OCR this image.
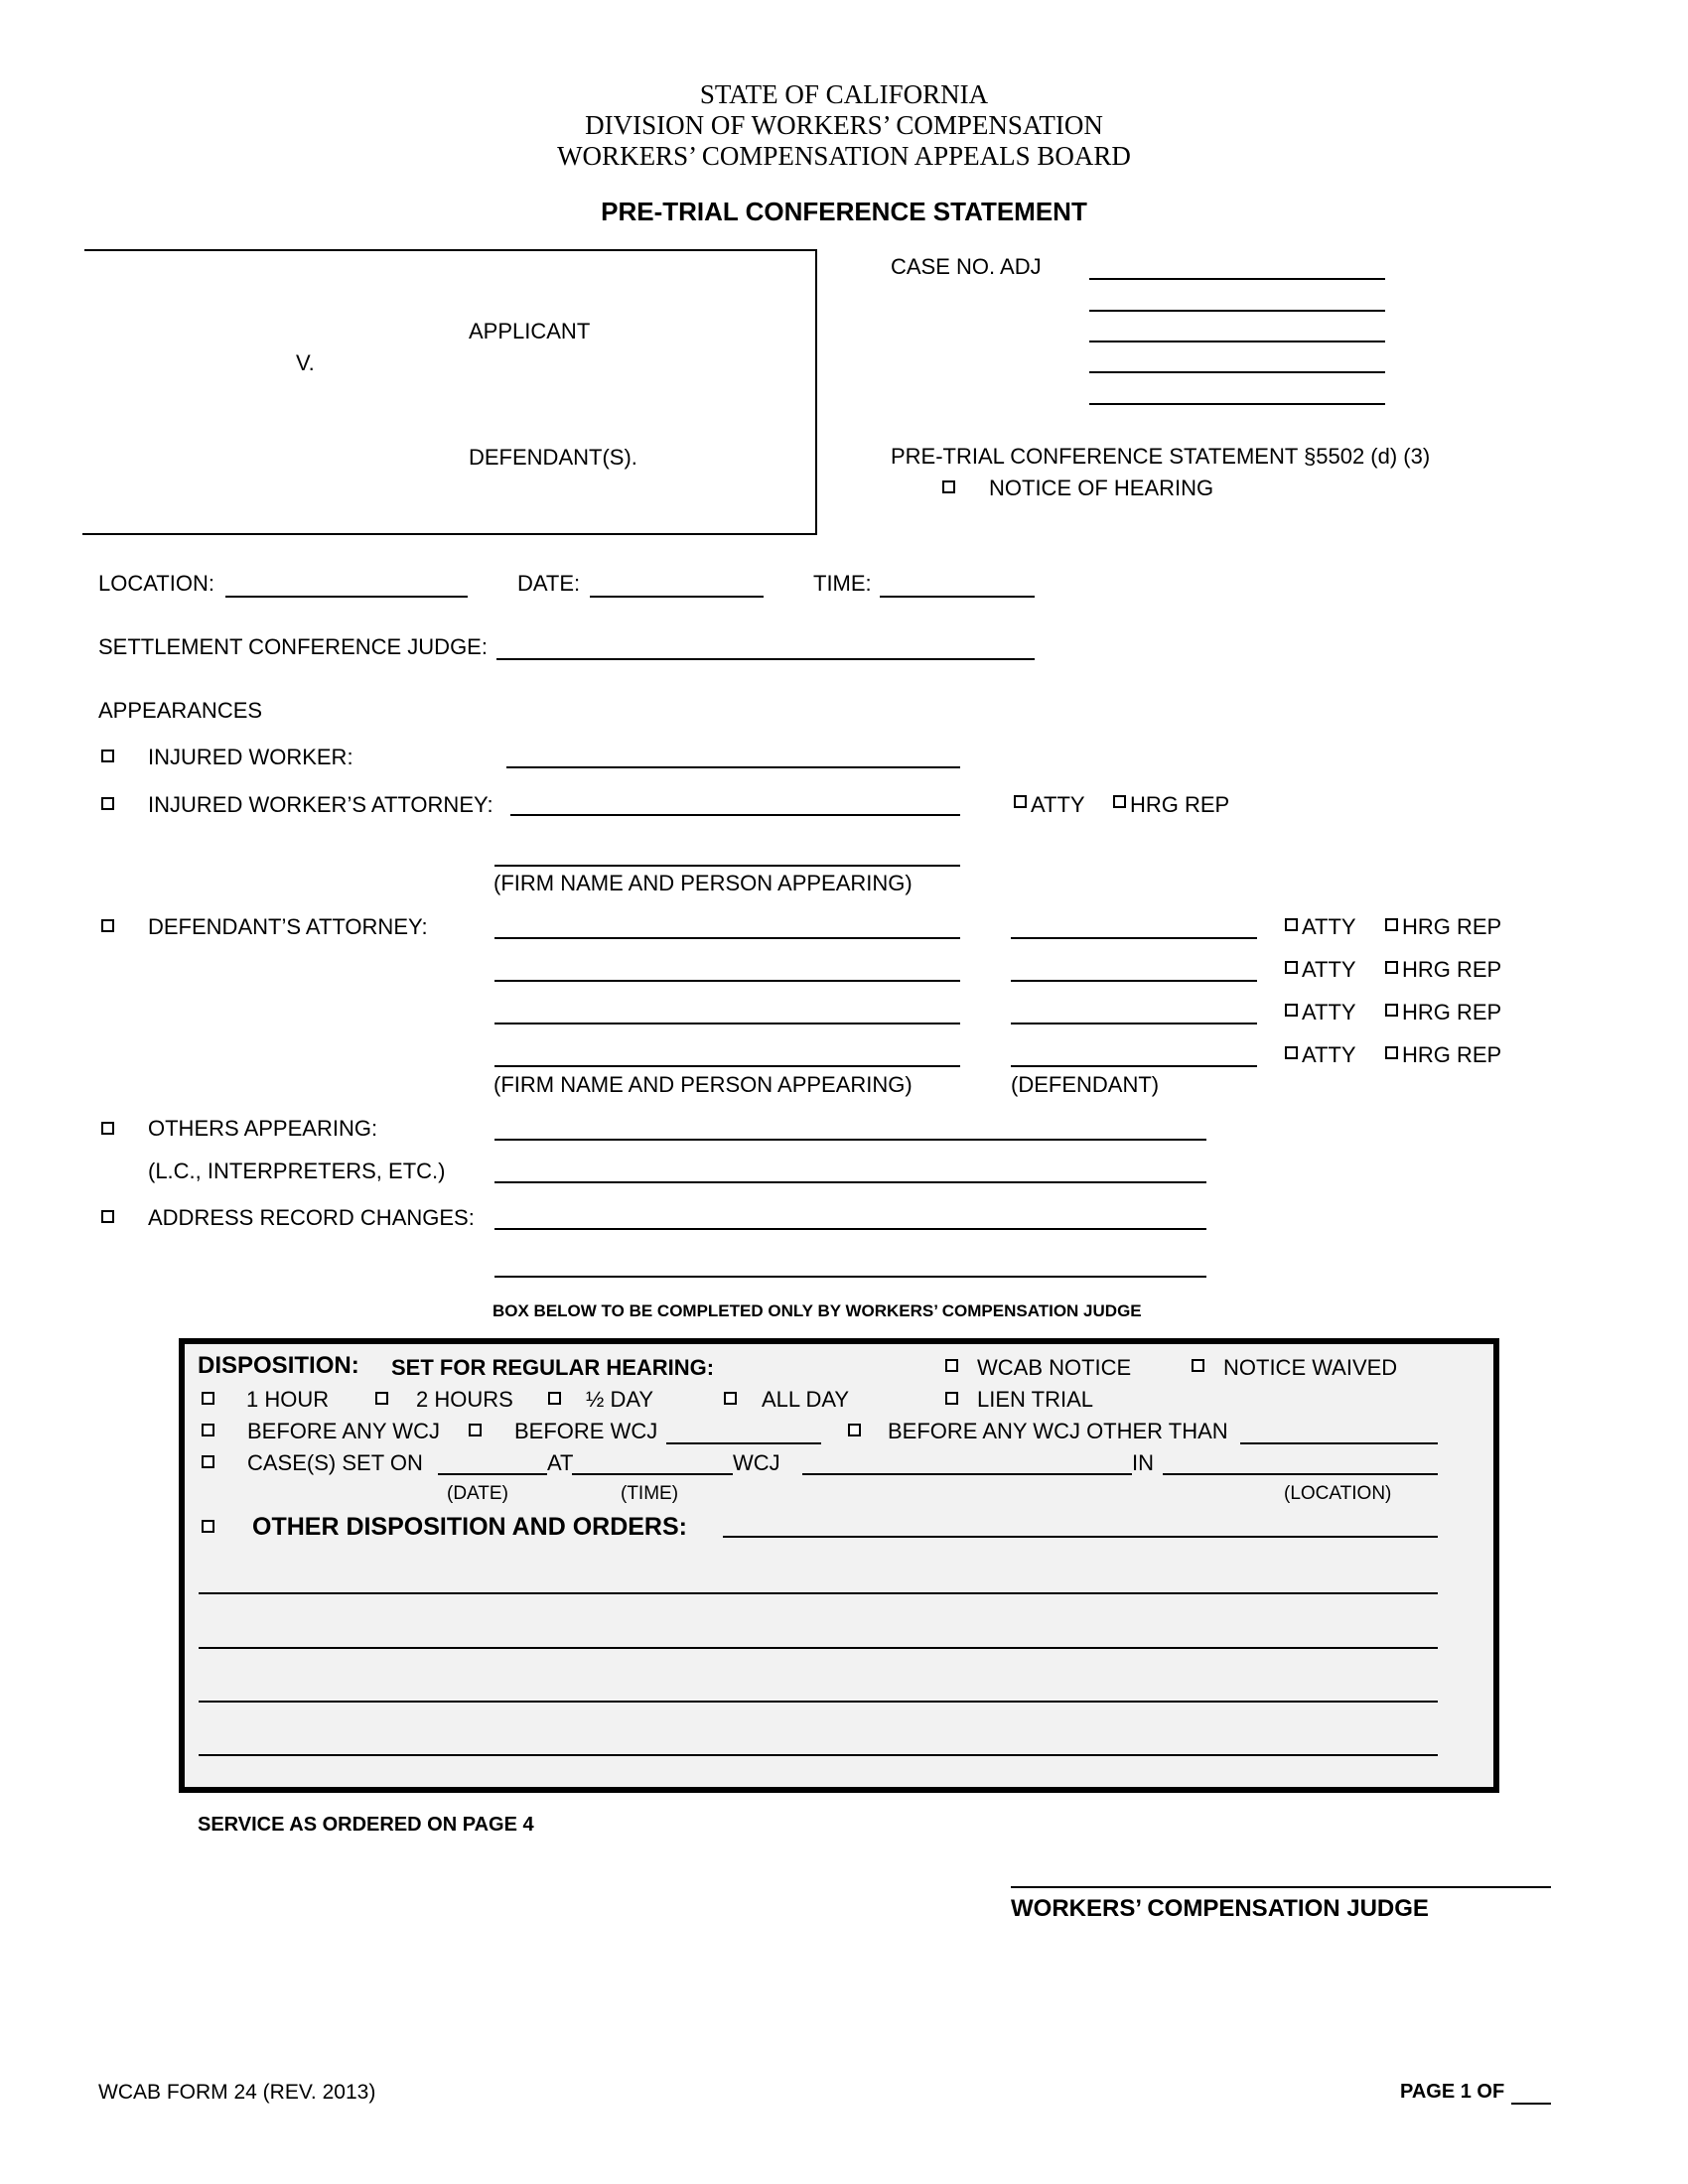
STATE OF CALIFORNIA
DIVISION OF WORKERS’ COMPENSATION
WORKERS’ COMPENSATION APPEALS BOARD
PRE-TRIAL CONFERENCE STATEMENT
APPLICANT
V.
DEFENDANT(S).
CASE NO. ADJ
PRE-TRIAL CONFERENCE STATEMENT §5502 (d) (3)
NOTICE OF HEARING
LOCATION:	DATE:	TIME:
SETTLEMENT CONFERENCE JUDGE:
APPEARANCES
INJURED WORKER:
INJURED WORKER’S ATTORNEY:	ATTY HRG REP
(FIRM NAME AND PERSON APPEARING)
DEFENDANT’S ATTORNEY:	ATTY HRG REP
ATTY HRG REP
ATTY HRG REP
ATTY HRG REP
(FIRM NAME AND PERSON APPEARING)	(DEFENDANT)
OTHERS APPEARING:
(L.C., INTERPRETERS, ETC.)
ADDRESS RECORD CHANGES:
BOX BELOW TO BE COMPLETED ONLY BY WORKERS’ COMPENSATION JUDGE
DISPOSITION: SET FOR REGULAR HEARING:	WCAB NOTICE	NOTICE WAIVED
1 HOUR	2 HOURS	½ DAY	ALL DAY	LIEN TRIAL
BEFORE ANY WCJ	BEFORE WCJ	BEFORE ANY WCJ OTHER THAN
CASE(S) SET ON	AT	WCJ	IN
(DATE)	(TIME)	(LOCATION)
OTHER DISPOSITION AND ORDERS:
SERVICE AS ORDERED ON PAGE 4
WORKERS’ COMPENSATION JUDGE
WCAB FORM 24 (REV. 2013)	PAGE 1 OF
